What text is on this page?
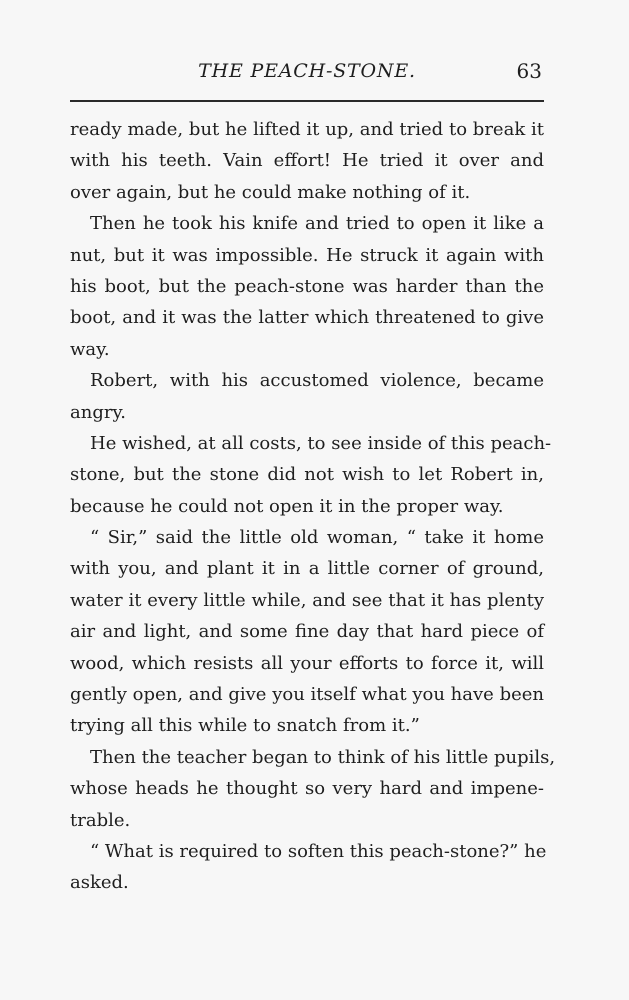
THE PEACH-STONE.	63
ready made, but he lifted it up, and tried to break it
with his teeth. Vain effort! He tried it over and
over again, but he could make nothing of it.
Then he took his knife and tried to open it like a
nut, but it was impossible. He struck it again with
his boot, but the peach-stone was harder than the
boot, and it was the latter which threatened to give
way.
Robert, with his accustomed violence, became
angry.
He wished, at all costs, to see inside of this peach-
stone, but the stone did not wish to let Robert in,
because he could not open it in the proper way.
“ Sir,” said the little old woman, “ take it home
with you, and plant it in a little corner of ground,
water it every little while, and see that it has plenty
air and light, and some fine day that hard piece of
wood, which resists all your efforts to force it, will
gently open, and give you itself what you have been
trying all this while to snatch from it.”
Then the teacher began to think of his little pupils,
whose heads he thought so very hard and impene-
trable.
“ What is required to soften this peach-stone?” he
asked.
